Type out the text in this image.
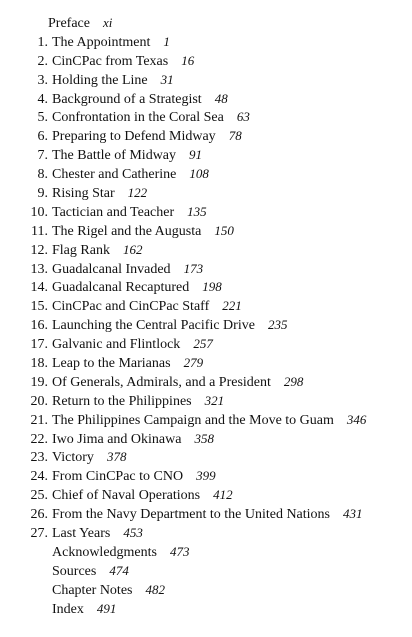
Preface xi
1. The Appointment 1
2. CinCPac from Texas 16
3. Holding the Line 31
4. Background of a Strategist 48
5. Confrontation in the Coral Sea 63
6. Preparing to Defend Midway 78
7. The Battle of Midway 91
8. Chester and Catherine 108
9. Rising Star 122
10. Tactician and Teacher 135
11. The Rigel and the Augusta 150
12. Flag Rank 162
13. Guadalcanal Invaded 173
14. Guadalcanal Recaptured 198
15. CinCPac and CinCPac Staff 221
16. Launching the Central Pacific Drive 235
17. Galvanic and Flintlock 257
18. Leap to the Marianas 279
19. Of Generals, Admirals, and a President 298
20. Return to the Philippines 321
21. The Philippines Campaign and the Move to Guam 346
22. Iwo Jima and Okinawa 358
23. Victory 378
24. From CinCPac to CNO 399
25. Chief of Naval Operations 412
26. From the Navy Department to the United Nations 431
27. Last Years 453
Acknowledgments 473
Sources 474
Chapter Notes 482
Index 491
